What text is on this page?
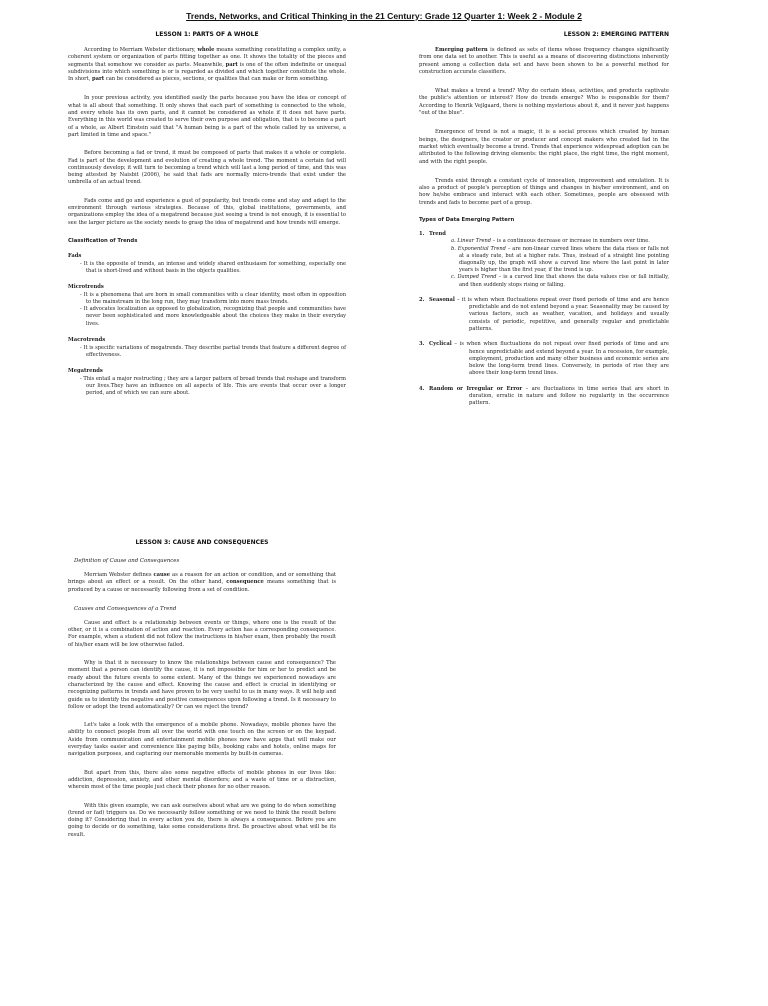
Trends, Networks, and Critical Thinking in the 21 Century: Grade 12 Quarter 1: Week 2 - Module 2
LESSON 1: PARTS OF A WHOLE

According to Merriam Webster dictionary, whole means something constituting a complex unity, a coherent system or organization of parts fitting together as one. It shows the totality of the pieces and segments that somehow we consider as parts. Meanwhile, part is one of the often indefinite or unequal subdivisions into which something is or is regarded as divided and which together constitute the whole. In short, part can be considered as pieces, sections, or qualities that can make or form something.

In your previous activity, you identified easily the parts because you have the idea or concept of what is all about that something. It only shows that each part of something is connected to the whole, and every whole has its own parts, and it cannot be considered as whole if it does not have parts. Everything in this world was created to serve their own purpose and obligation, that is to become a part of a whole, as Albert Einstein said that "A human being is a part of the whole called by us universe, a part limited in time and space."

Before becoming a fad or trend, it must be composed of parts that makes it a whole or complete. Fad is part of the development and evolution of creating a whole trend. The moment a certain fad will continuously develop; it will turn to becoming a trend which will last a long period of time, and this was being attested by Naisbit (2006), he said that fads are normally micro-trends that exist under the umbrella of an actual trend.

Fads come and go and experience a gust of popularity, but trends come and stay and adapt to the environment through various strategies. Because of this, global institutions, governments, and organizations employ the idea of a megatrend because just seeing a trend is not enough, it is essential to see the larger picture as the society needs to grasp the idea of megatrend and how trends will emerge.

Classification of Trends
Fads
- It is the opposite of trends, an intense and widely shared enthusiasm for something, especially one that is short-lived and without basis in the objects qualities.
Microtrends
- It is a phenomena that are born in small communities with a clear identity, most often in opposition to the mainstream in the long run, they may transform into more mass trends.
- It advocates localization as opposed to globalization, recognizing that people and communities have never been sophisticated and more knowledgeable about the choices they make in their everyday lives.
Macrotrends
- It is specific variations of megatrends. They describe partial trends that feature a different degree of effectiveness.
Megatrends
- This entail a major restructing ; they are a larger pattern of broad trends that reshape and transform our lives.They have an influence on all aspects of life. This are events that occur over a longer period, and of which we can sure about.
LESSON 2: EMERGING PATTERN

Emerging pattern is defined as sets of items whose frequency changes significantly from one data set to another. This is useful as a means of discovering distinctions inherently present among a collection data set and have been shown to be a powerful method for construction accurate classifiers.

What makes a trend a trend? Why do certain ideas, activities, and products captivate the public's attention or interest? How do trends emerge? Who is responsible for them? According to Henrik Vejlgaard, there is nothing mysterious about it, and it never just happens "out of the blue".

Emergence of trend is not a magic, it is a social process which created by human beings, the designers, the creator or producer and concept makers who created fad in the market which eventually become a trend. Trends that experience widespread adoption can be attributed to the following driving elements: the right place, the right time, the right moment, and with the right people.

Trends exist through a constant cycle of innovation, improvement and emulation. It is also a product of people's perception of things and changes in his/her environment, and on how he/she embrace and interact with each other. Sometimes, people are obsessed with trends and fads to become part of a group.

Types of Data Emerging Pattern
1. Trend
a. Linear Trend – is a continuous decrease or increase in numbers over time.
b. Exponential Trend – are non-linear curved lines where the data rises or falls not at a steady rate, but at a higher rate. Thus, instead of a straight line pointing diagonally up, the graph will show a curved line where the last point in later years is higher than the first year, if the trend is up.
c. Damped Trend – is a curved line that shows the data values rise or fall initially, and then suddenly stops rising or falling.
2. Seasonal – it is when when fluctuations repeat over fixed periods of time and are hence predictable and do not extend beyond a year. Seasonality may be caused by various factors, such as weather, vacation, and holidays and usually consists of periodic, repetitive, and generally regular and predictable patterns.
3. Cyclical – is when when fluctuations do not repeat over fixed periods of time and are hence unpredictable and extend beyond a year. In a recession, for example, employment, production and many other business and economic series are below the long-term trend lines. Conversely, in periods of rise they are above their long-term trend lines.
4. Random or Irregular or Error – are fluctuations in time series that are short in duration, erratic in nature and follow no regularity in the occurrence pattern.
LESSON 3: CAUSE AND CONSEQUENCES
Definition of Cause and Consequences

Merriam Webster defines cause as a reason for an action or condition, and or something that brings about an effect or a result. On the other hand, consequence means something that is produced by a cause or necessarily following from a set of condition.

Causes and Consequences of a Trend

Cause and effect is a relationship between events or things, where one is the result of the other, or it is a combination of action and reaction. Every action has a corresponding consequence. For example, when a student did not follow the instructions in his/her exam, then probably the result of his/her exam will be low otherwise failed.

Why is that it is necessary to know the relationships between cause and consequence? The moment that a person can identify the cause, it is not impossible for him or her to predict and be ready about the future events to some extent. Many of the things we experienced nowadays are characterized by the cause and effect. Knowing the cause and effect is crucial in identifying or recognizing patterns in trends and have proven to be very useful to us in many ways. It will help and guide us to identify the negative and positive consequences upon following a trend. Is it necessary to follow or adopt the trend automatically? Or can we reject the trend?

Let's take a look with the emergence of a mobile phone. Nowadays, mobile phones have the ability to connect people from all over the world with one touch on the screen or on the keypad. Aside from communication and entertainment mobile phones now have apps that will make our everyday tasks easier and convenience like paying bills, booking cabs and hotels, online maps for navigation purposes, and capturing our memorable moments by built-in cameras.

But apart from this, there also some negative effects of mobile phones in our lives like: addiction, depression, anxiety, and other mental disorders; and a waste of time or a distraction, wherein most of the time people just check their phones for no other reason.

With this given example, we can ask ourselves about what are we going to do when something (trend or fad) triggers us. Do we necessarily follow something or we need to think the result before doing it? Considering that in every action you do, there is always a consequence. Before you are going to decide or do something, take some considerations first. Be proactive about what will be its result.
